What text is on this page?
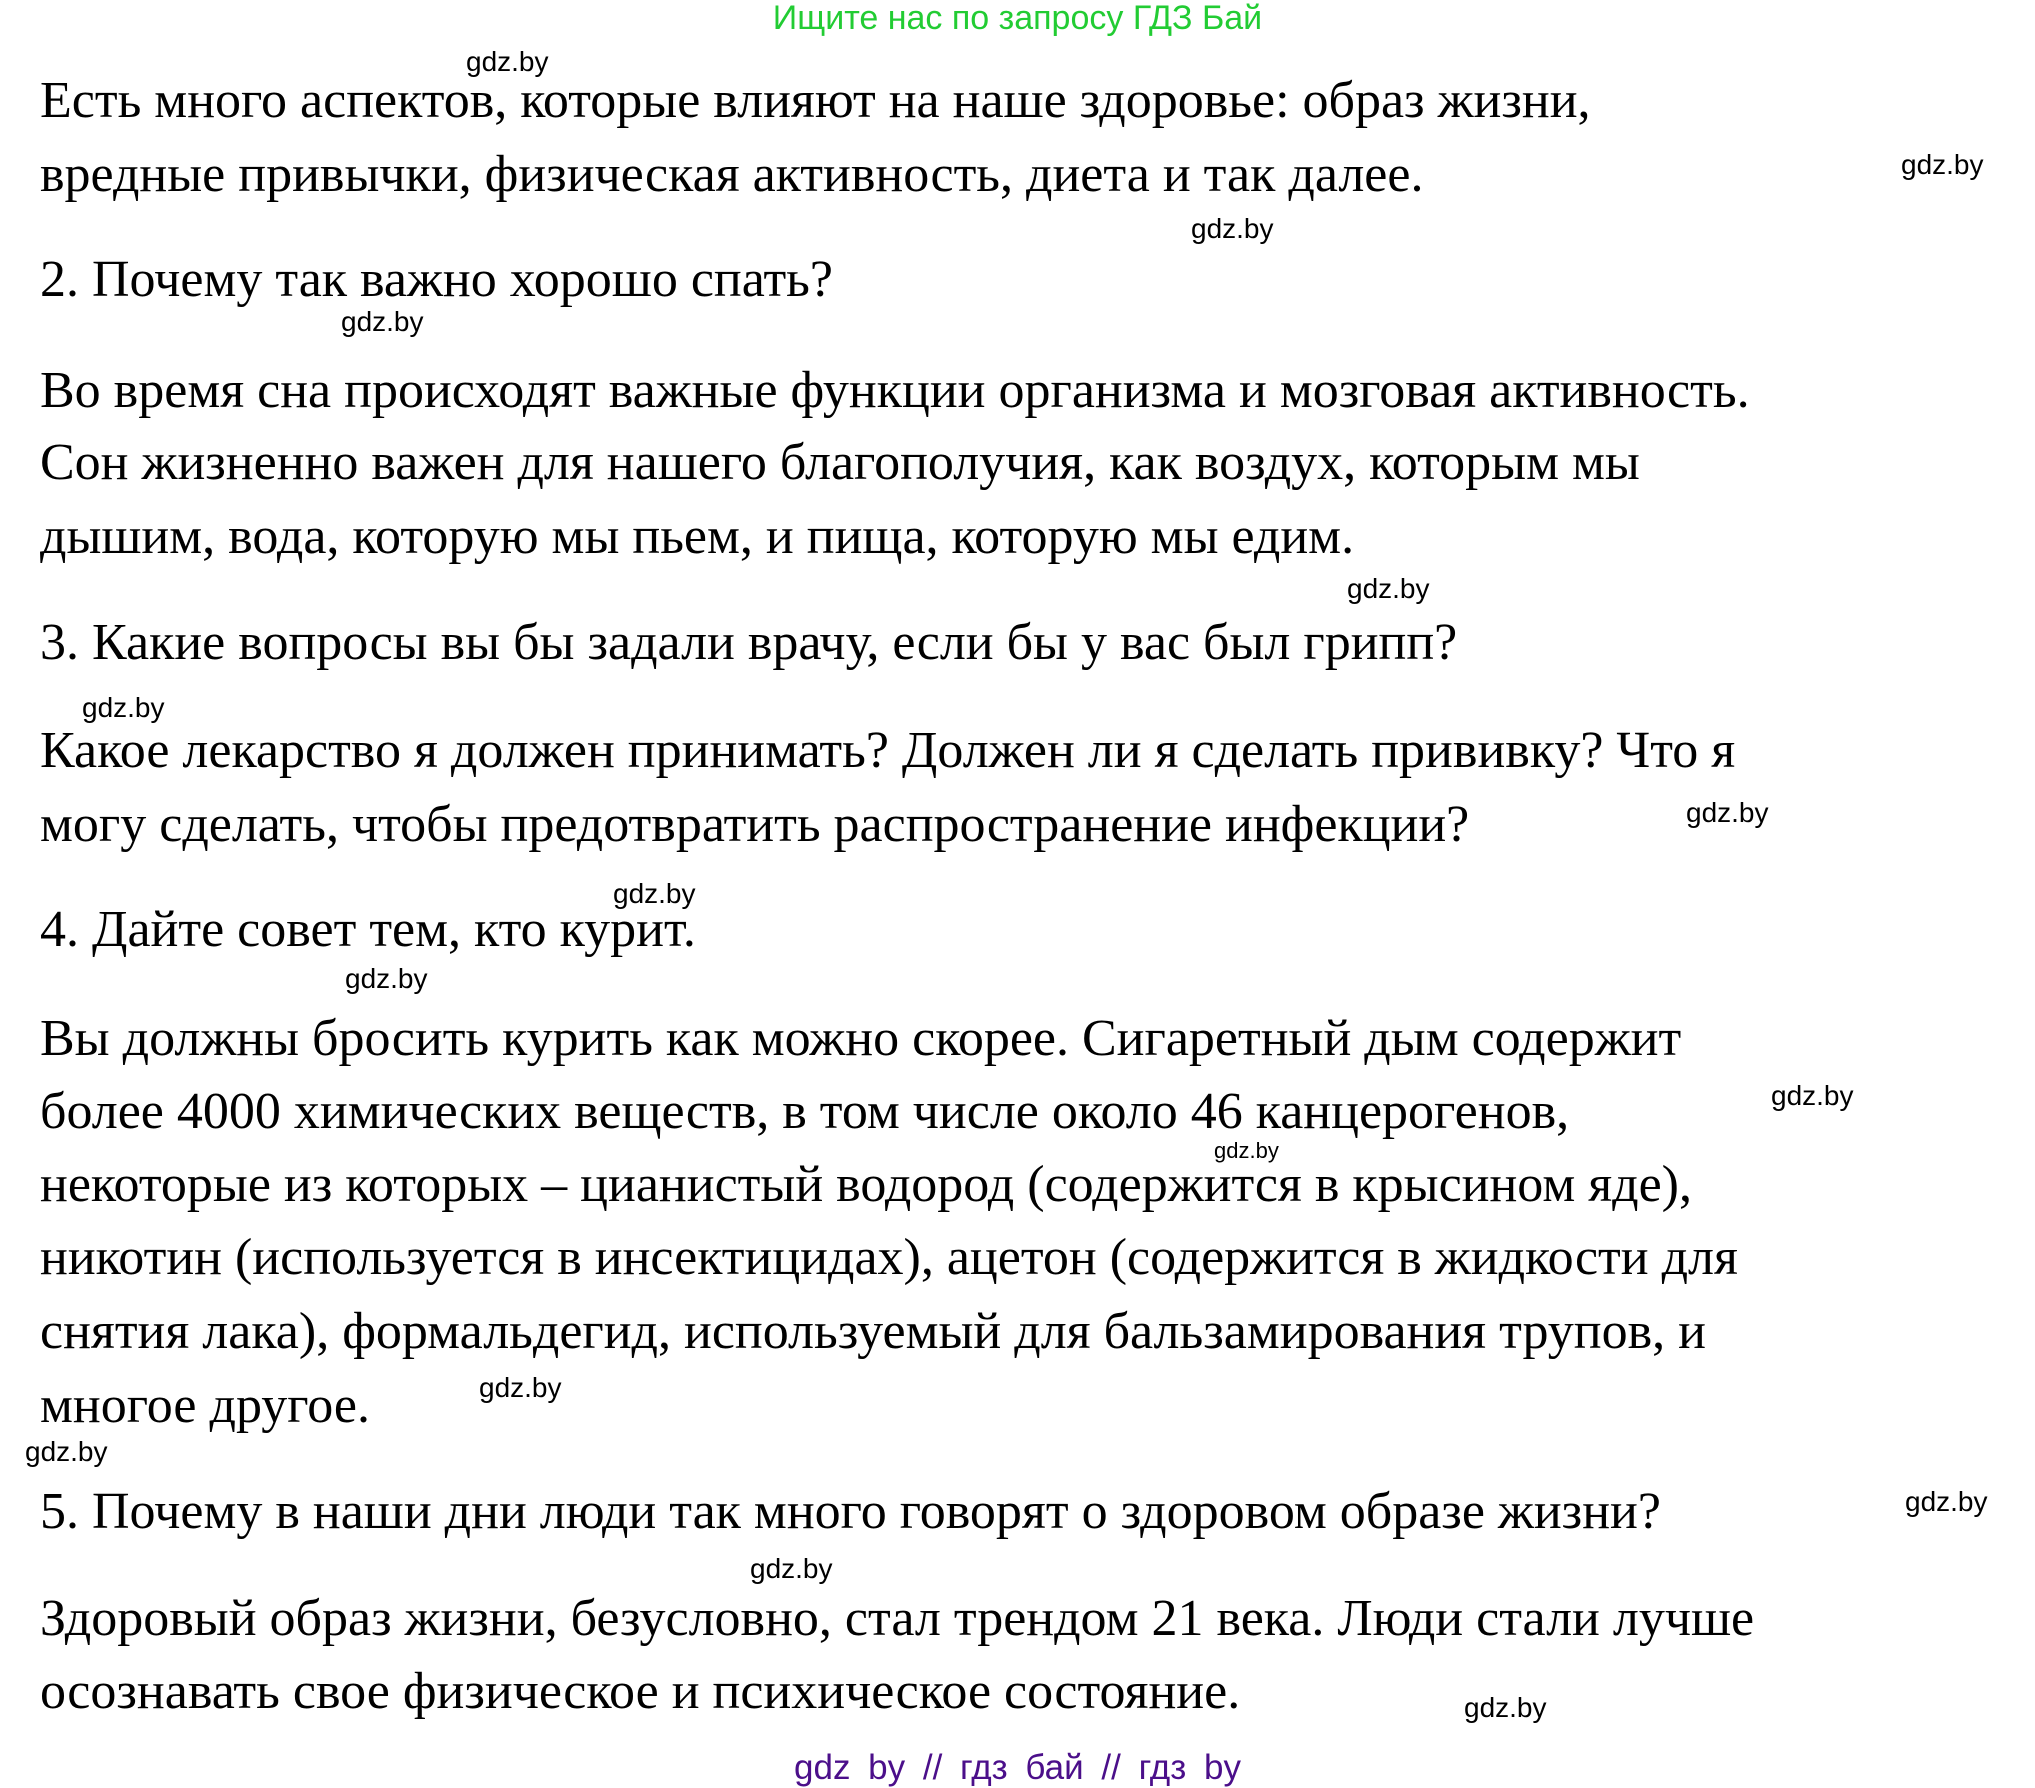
Ищите нас по запросу ГДЗ Бай
Есть много аспектов, которые влияют на наше здоровье: образ жизни,
вредные привычки, физическая активность, диета и так далее.
2. Почему так важно хорошо спать?
Во время сна происходят важные функции организма и мозговая активность.
Сон жизненно важен для нашего благополучия, как воздух, которым мы
дышим, вода, которую мы пьем, и пища, которую мы едим.
3. Какие вопросы вы бы задали врачу, если бы у вас был грипп?
Какое лекарство я должен принимать? Должен ли я сделать прививку? Что я
могу сделать, чтобы предотвратить распространение инфекции?
4. Дайте совет тем, кто курит.
Вы должны бросить курить как можно скорее. Сигаретный дым содержит
более 4000 химических веществ, в том числе около 46 канцерогенов,
некоторые из которых – цианистый водород (содержится в крысином яде),
никотин (используется в инсектицидах), ацетон (содержится в жидкости для
снятия лака), формальдегид, используемый для бальзамирования трупов, и
многое другое.
5. Почему в наши дни люди так много говорят о здоровом образе жизни?
Здоровый образ жизни, безусловно, стал трендом 21 века. Люди стали лучше
осознавать свое физическое и психическое состояние.
gdz.by
gdz.by
gdz.by
gdz.by
gdz.by
gdz.by
gdz.by
gdz.by
gdz.by
gdz.by
gdz.by
gdz.by
gdz.by
gdz.by
gdz.by
gdz.by
gdz by // гдз бай // гдз by
